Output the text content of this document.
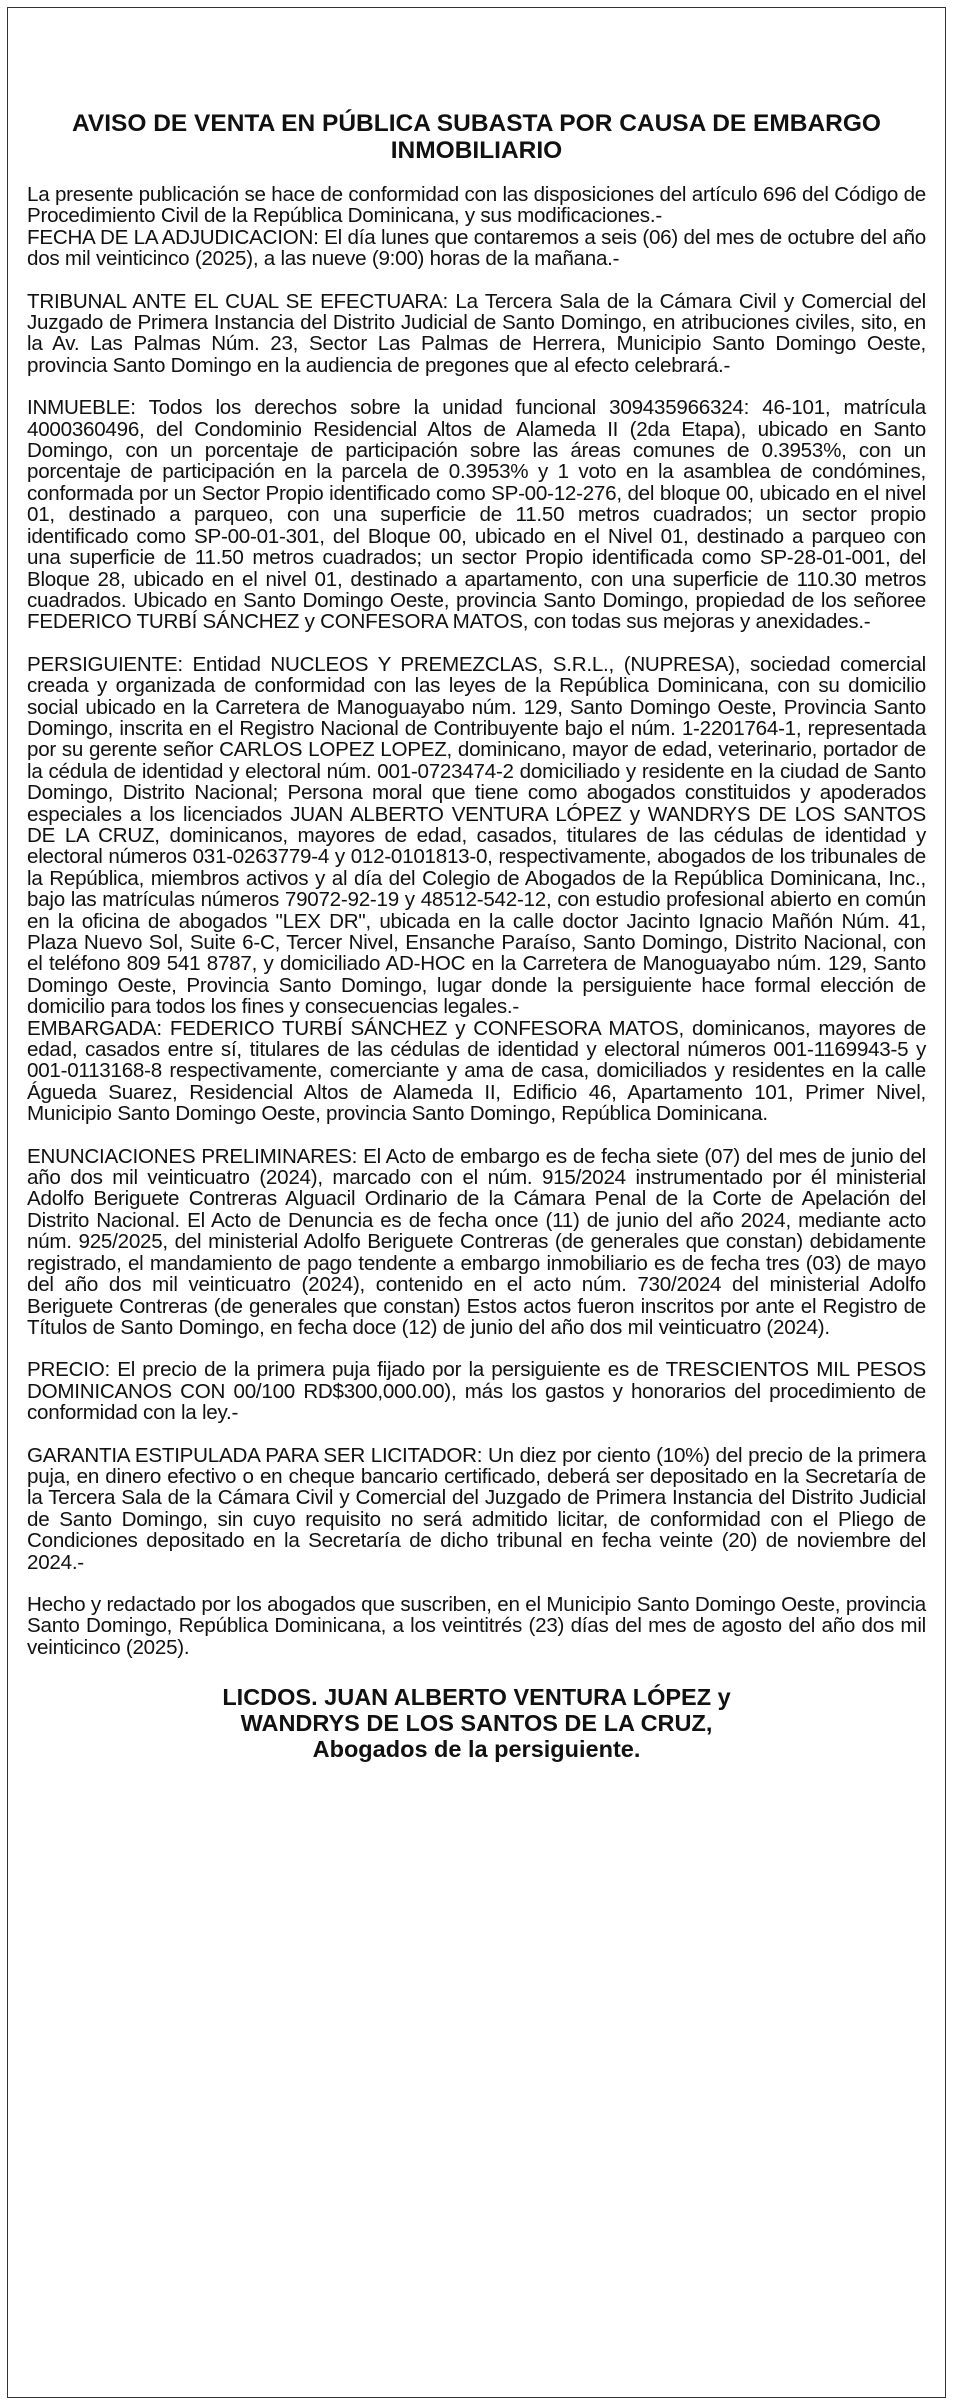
AVISO DE VENTA EN PÚBLICA SUBASTA POR CAUSA DE EMBARGO INMOBILIARIO

La presente publicación se hace de conformidad con las disposiciones del artículo 696 del Código de Procedimiento Civil de la República Dominicana, y sus modificaciones.-

FECHA DE LA ADJUDICACION: El día lunes que contaremos a seis (06) del mes de octubre del año dos mil veinticinco (2025), a las nueve (9:00) horas de la mañana.-

TRIBUNAL ANTE EL CUAL SE EFECTUARA: La Tercera Sala de la Cámara Civil y Comercial del Juzgado de Primera Instancia del Distrito Judicial de Santo Domingo, en atribuciones civiles, sito, en la Av. Las Palmas Núm. 23, Sector Las Palmas de Herrera, Municipio Santo Domingo Oeste, provincia Santo Domingo en la audiencia de pregones que al efecto celebrará.-

INMUEBLE: Todos los derechos sobre la unidad funcional 309435966324: 46-101, matrícula 4000360496, del Condominio Residencial Altos de Alameda II (2da Etapa), ubicado en Santo Domingo, con un porcentaje de participación sobre las áreas comunes de 0.3953%, con un porcentaje de participación en la parcela de 0.3953% y 1 voto en la asamblea de condómines, conformada por un Sector Propio identificado como SP-00-12-276, del bloque 00, ubicado en el nivel 01, destinado a parqueo, con una superficie de 11.50 metros cuadrados; un sector propio identificado como SP-00-01-301, del Bloque 00, ubicado en el Nivel 01, destinado a parqueo con una superficie de 11.50 metros cuadrados; un sector Propio identificada como SP-28-01-001, del Bloque 28, ubicado en el nivel 01, destinado a apartamento, con una superficie de 110.30 metros cuadrados. Ubicado en Santo Domingo Oeste, provincia Santo Domingo, propiedad de los señoree FEDERICO TURBÍ SÁNCHEZ y CONFESORA MATOS, con todas sus mejoras y anexidades.-

PERSIGUIENTE: Entidad NUCLEOS Y PREMEZCLAS, S.R.L., (NUPRESA), sociedad comercial creada y organizada de conformidad con las leyes de la República Dominicana, con su domicilio social ubicado en la Carretera de Manoguayabo núm. 129, Santo Domingo Oeste, Provincia Santo Domingo, inscrita en el Registro Nacional de Contribuyente bajo el núm. 1-2201764-1, representada por su gerente señor CARLOS LOPEZ LOPEZ, dominicano, mayor de edad, veterinario, portador de la cédula de identidad y electoral núm. 001-0723474-2 domiciliado y residente en la ciudad de Santo Domingo, Distrito Nacional; Persona moral que tiene como abogados constituidos y apoderados especiales a los licenciados JUAN ALBERTO VENTURA LÓPEZ y WANDRYS DE LOS SANTOS DE LA CRUZ, dominicanos, mayores de edad, casados, titulares de las cédulas de identidad y electoral números 031-0263779-4 y 012-0101813-0, respectivamente, abogados de los tribunales de la República, miembros activos y al día del Colegio de Abogados de la República Dominicana, Inc., bajo las matrículas números 79072-92-19 y 48512-542-12, con estudio profesional abierto en común en la oficina de abogados "LEX DR", ubicada en la calle doctor Jacinto Ignacio Mañón Núm. 41, Plaza Nuevo Sol, Suite 6-C, Tercer Nivel, Ensanche Paraíso, Santo Domingo, Distrito Nacional, con el teléfono 809 541 8787, y domiciliado AD-HOC en la Carretera de Manoguayabo núm. 129, Santo Domingo Oeste, Provincia Santo Domingo, lugar donde la persiguiente hace formal elección de domicilio para todos los fines y consecuencias legales.-

EMBARGADA: FEDERICO TURBÍ SÁNCHEZ y CONFESORA MATOS, dominicanos, mayores de edad, casados entre sí, titulares de las cédulas de identidad y electoral números 001-1169943-5 y 001-0113168-8 respectivamente, comerciante y ama de casa, domiciliados y residentes en la calle Águeda Suarez, Residencial Altos de Alameda II, Edificio 46, Apartamento 101, Primer Nivel, Municipio Santo Domingo Oeste, provincia Santo Domingo, República Dominicana.

ENUNCIACIONES PRELIMINARES: El Acto de embargo es de fecha siete (07) del mes de junio del año dos mil veinticuatro (2024), marcado con el núm. 915/2024 instrumentado por él ministerial Adolfo Beriguete Contreras Alguacil Ordinario de la Cámara Penal de la Corte de Apelación del Distrito Nacional. El Acto de Denuncia es de fecha once (11) de junio del año 2024, mediante acto núm. 925/2025, del ministerial Adolfo Beriguete Contreras (de generales que constan) debidamente registrado, el mandamiento de pago tendente a embargo inmobiliario es de fecha tres (03) de mayo del año dos mil veinticuatro (2024), contenido en el acto núm. 730/2024 del ministerial Adolfo Beriguete Contreras (de generales que constan) Estos actos fueron inscritos por ante el Registro de Títulos de Santo Domingo, en fecha doce (12) de junio del año dos mil veinticuatro (2024).

PRECIO: El precio de la primera puja fijado por la persiguiente es de TRESCIENTOS MIL PESOS DOMINICANOS CON 00/100 RD$300,000.00), más los gastos y honorarios del procedimiento de conformidad con la ley.-

GARANTIA ESTIPULADA PARA SER LICITADOR: Un diez por ciento (10%) del precio de la primera puja, en dinero efectivo o en cheque bancario certificado, deberá ser depositado en la Secretaría de la Tercera Sala de la Cámara Civil y Comercial del Juzgado de Primera Instancia del Distrito Judicial de Santo Domingo, sin cuyo requisito no será admitido licitar, de conformidad con el Pliego de Condiciones depositado en la Secretaría de dicho tribunal en fecha veinte (20) de noviembre del 2024.-

Hecho y redactado por los abogados que suscriben, en el Municipio Santo Domingo Oeste, provincia Santo Domingo, República Dominicana, a los veintitrés (23) días del mes de agosto del año dos mil veinticinco (2025).

LICDOS. JUAN ALBERTO VENTURA LÓPEZ y
WANDRYS DE LOS SANTOS DE LA CRUZ,
Abogados de la persiguiente.
